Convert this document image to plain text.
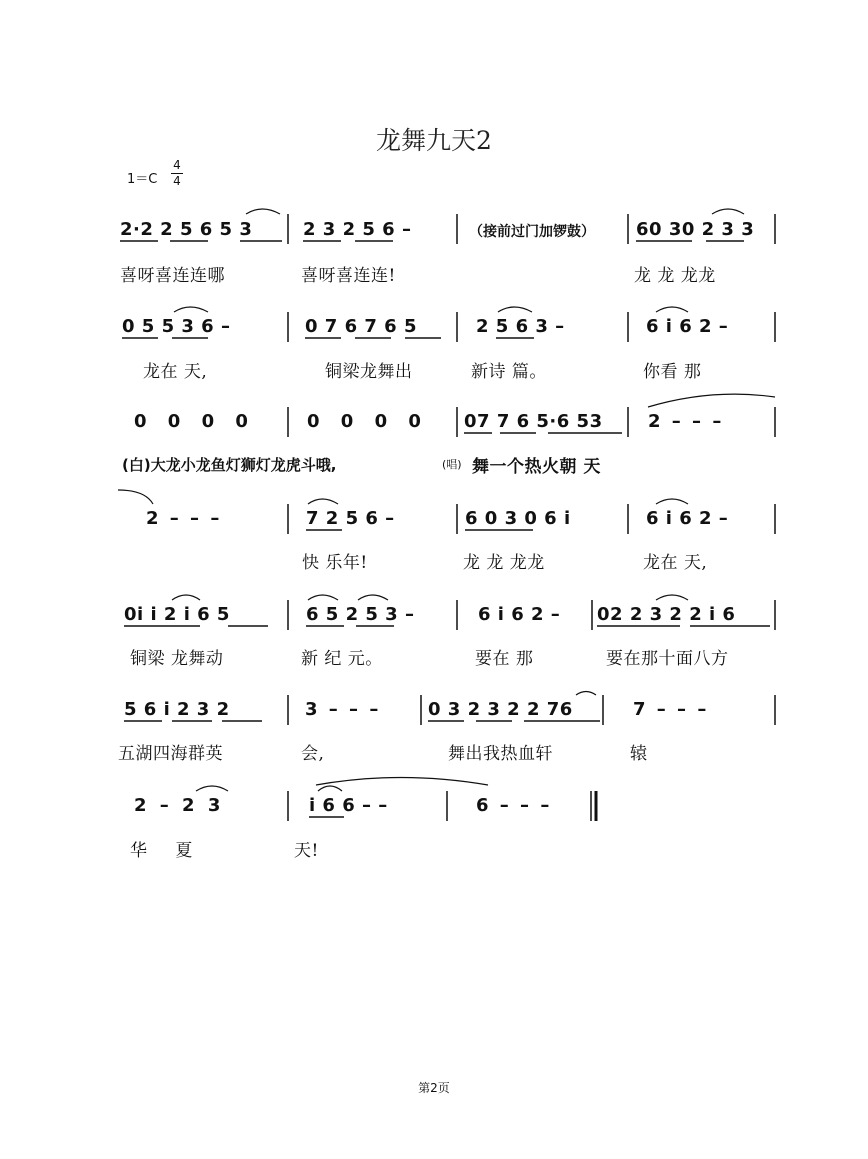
龙舞九天2
1＝C
4
4
2·2 2 5 6 5 3	2 3 2 5 6 –	（接前过门加锣鼓） 60 30 2 3 3
喜呀喜连连哪	喜呀喜连连!	龙 龙 龙龙
0 5 5 3 6 –	0 7 6 7 6 5	2 5 6 3 –	6 i 6 2 –
龙在 天,	铜梁龙舞出	新诗 篇。	你看 那
0 0 0 0	0 0 0 0 07 7 6 5·6 53	2 – – –
(白)大龙小龙鱼灯狮灯龙虎斗哦,	(唱) 舞一个热火朝 天
2 – – –	7 2 5 6 –	6 0 3 0 6 i	6 i 6 2 –
快 乐年!	龙 龙 龙龙	龙在 天,
0i i 2 i 6 5	6 5 2 5 3 –	6 i 6 2 – 02 2 3 2 2 i 6
铜梁 龙舞动	新 纪 元。	要在 那	要在那十面八方
5 6 i 2 3 2	3 – – –	0 3 2 3 2 2 76	7 – – –
五湖四海群英	会,	舞出我热血轩	辕
2 – 2 3	i 6 6 – –	6 – – –
华 夏	天!
第2页
